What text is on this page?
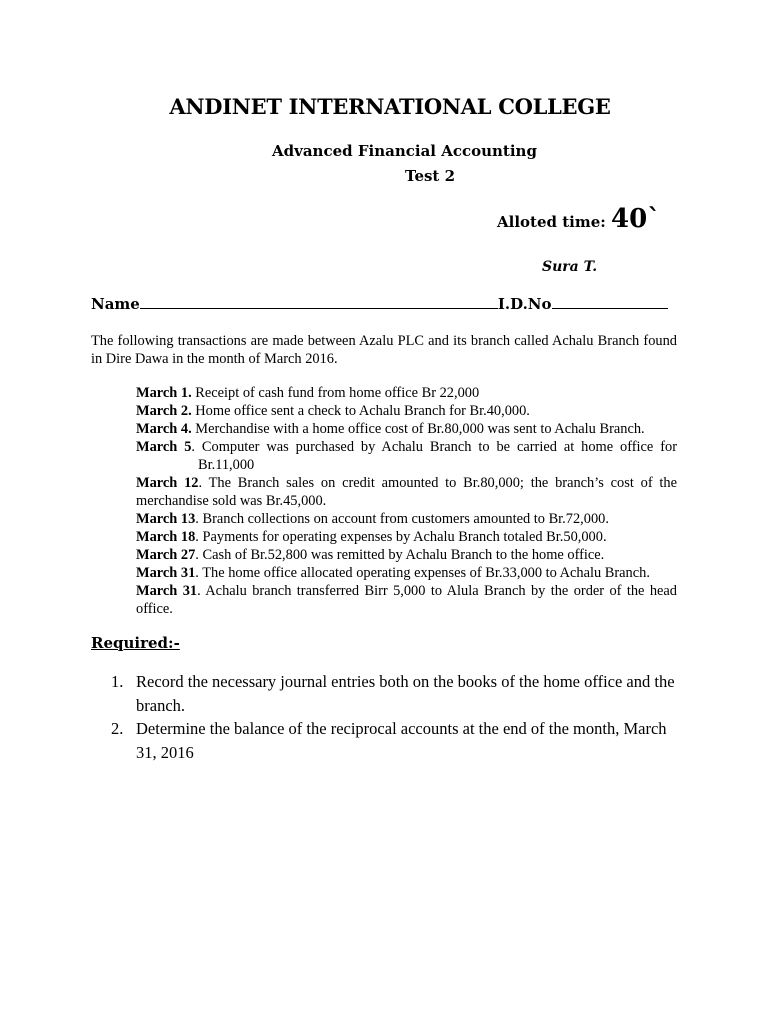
ANDINET INTERNATIONAL COLLEGE
Advanced Financial Accounting
Test 2
Alloted time: 40`
Sura T.
Name	I.D.No
The following transactions are made between Azalu PLC and its branch called Achalu Branch found in Dire Dawa in the month of March 2016.

March 1. Receipt of cash fund from home office Br 22,000

March 2. Home office sent a check to Achalu Branch for Br.40,000.

March 4. Merchandise with a home office cost of Br.80,000 was sent to Achalu Branch.

March 5. Computer was purchased by Achalu Branch to be carried at home office for Br.11,000

March 12. The Branch sales on credit amounted to Br.80,000; the branch’s cost of the merchandise sold was Br.45,000.

March 13. Branch collections on account from customers amounted to Br.72,000.

March 18. Payments for operating expenses by Achalu Branch totaled Br.50,000.

March 27. Cash of Br.52,800 was remitted by Achalu Branch to the home office.

March 31. The home office allocated operating expenses of Br.33,000 to Achalu Branch.

March 31. Achalu branch transferred Birr 5,000 to Alula Branch by the order of the head office.

Required:-

1. Record the necessary journal entries both on the books of the home office and the branch.

2. Determine the balance of the reciprocal accounts at the end of the month, March 31, 2016
